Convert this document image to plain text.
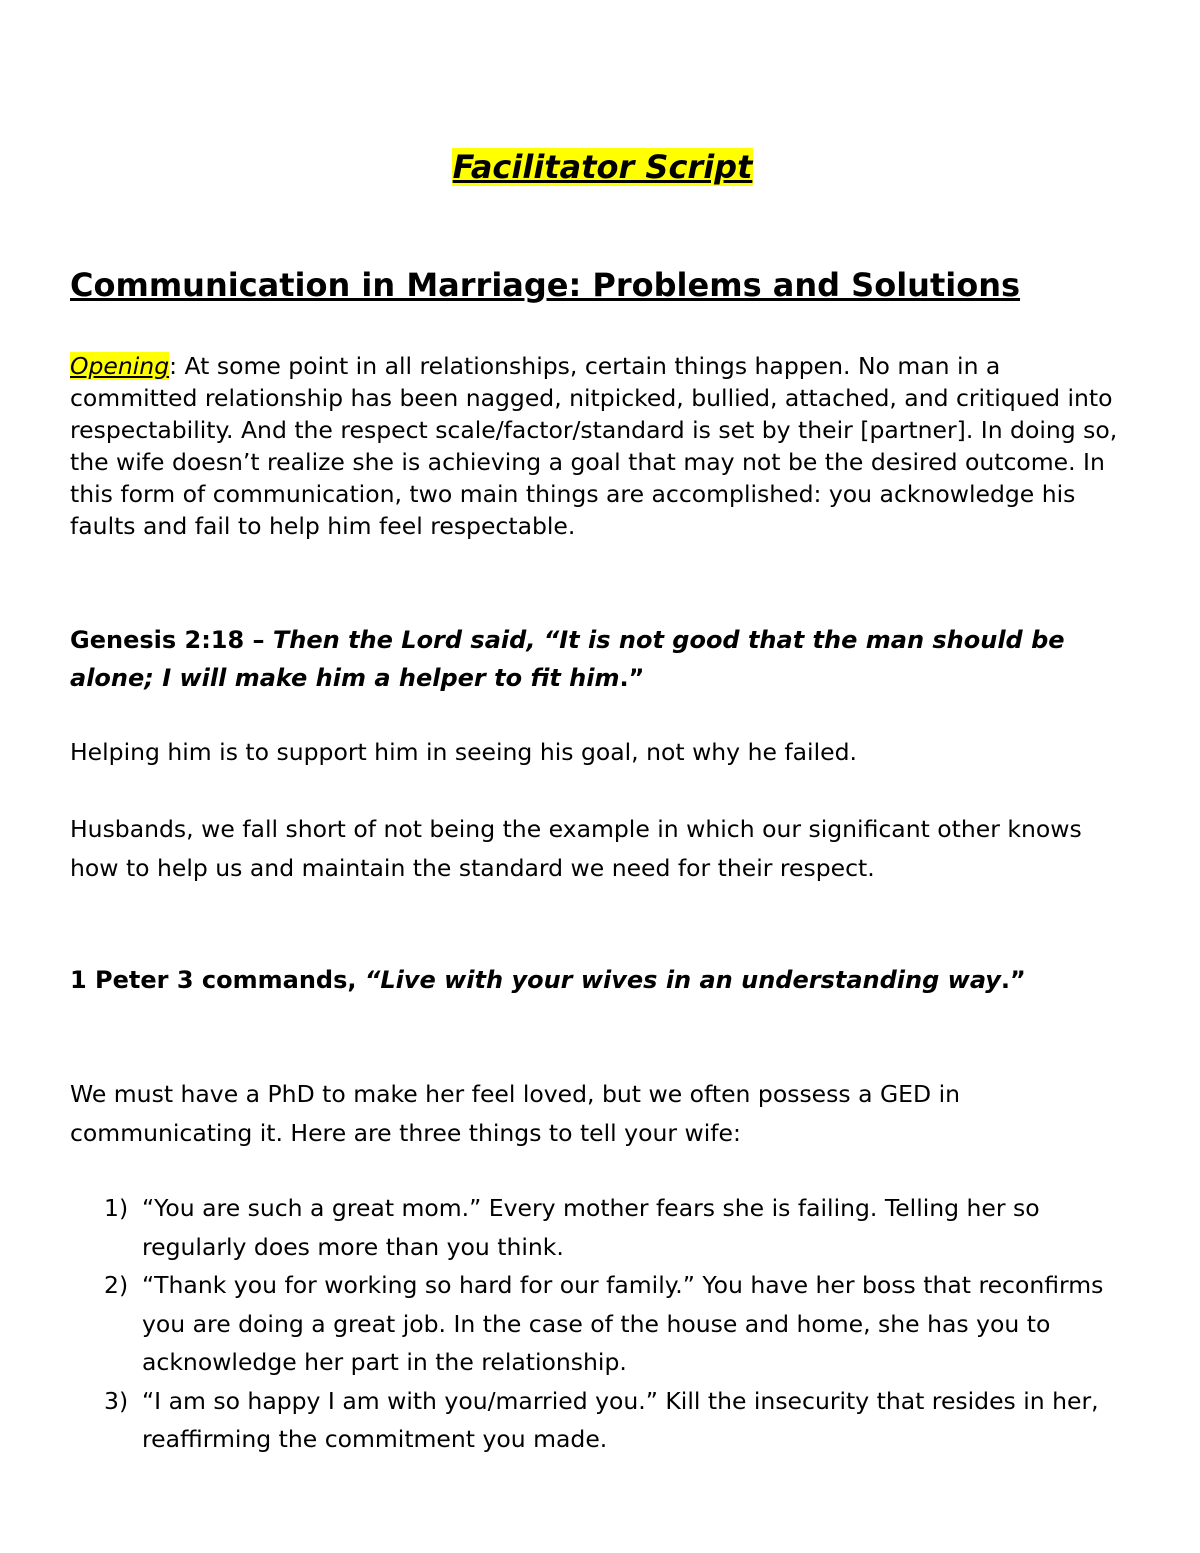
Facilitator Script
Communication in Marriage: Problems and Solutions
Opening: At some point in all relationships, certain things happen. No man in a committed relationship has been nagged, nitpicked, bullied, attached, and critiqued into respectability. And the respect scale/factor/standard is set by their [partner]. In doing so, the wife doesn’t realize she is achieving a goal that may not be the desired outcome. In this form of communication, two main things are accomplished: you acknowledge his faults and fail to help him feel respectable.
Genesis 2:18 – Then the Lord said, “It is not good that the man should be alone; I will make him a helper to fit him.”
Helping him is to support him in seeing his goal, not why he failed.
Husbands, we fall short of not being the example in which our significant other knows how to help us and maintain the standard we need for their respect.
1 Peter 3 commands, “Live with your wives in an understanding way.”
We must have a PhD to make her feel loved, but we often possess a GED in communicating it. Here are three things to tell your wife:
1) “You are such a great mom.” Every mother fears she is failing. Telling her so regularly does more than you think.
2) “Thank you for working so hard for our family.” You have her boss that reconfirms you are doing a great job. In the case of the house and home, she has you to acknowledge her part in the relationship.
3) “I am so happy I am with you/married you.” Kill the insecurity that resides in her, reaffirming the commitment you made.
